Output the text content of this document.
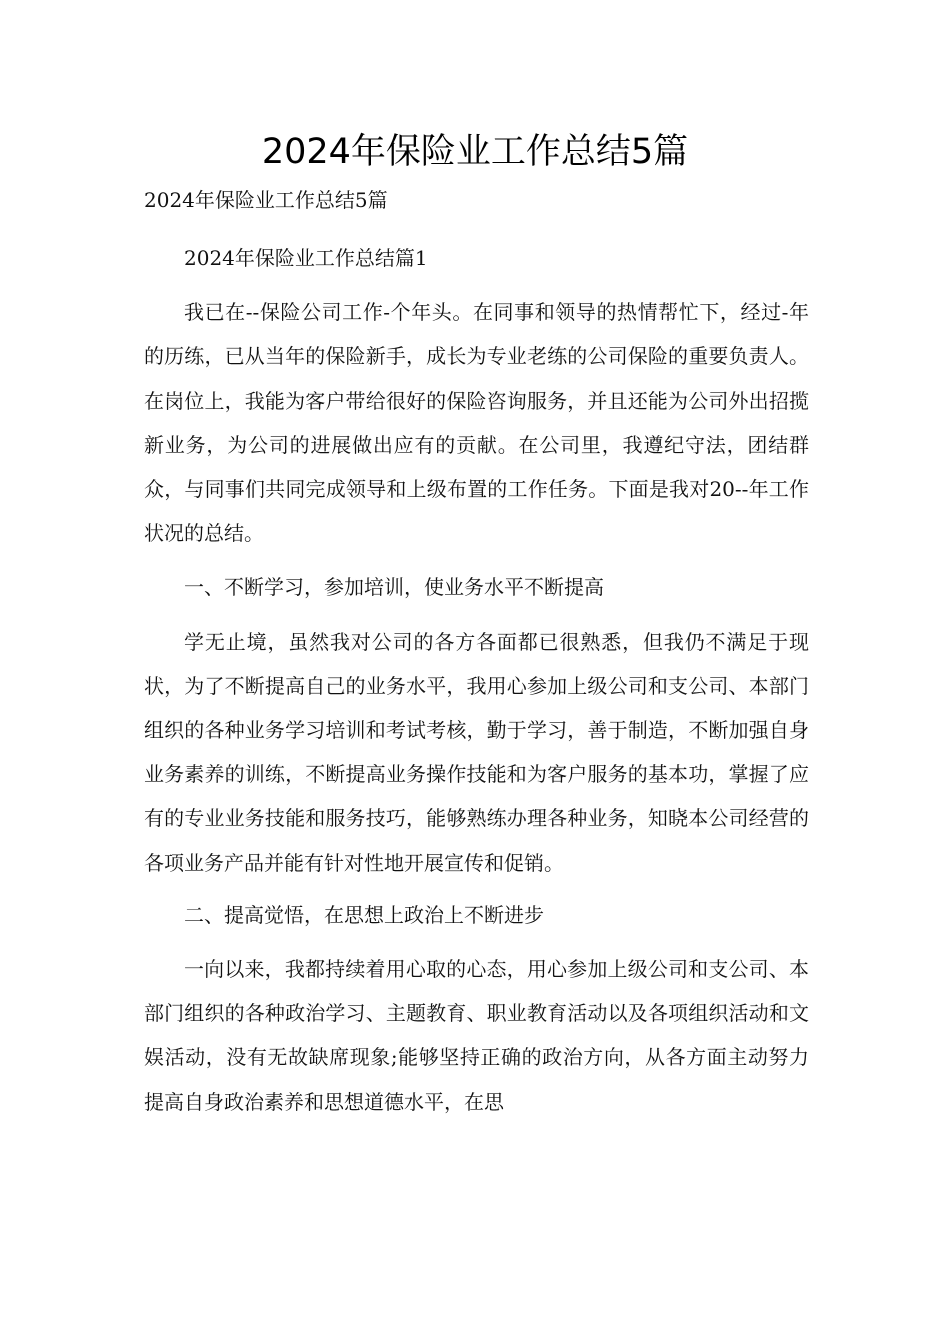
2024年保险业工作总结5篇

2024年保险业工作总结5篇

2024年保险业工作总结篇1

我已在--保险公司工作-个年头。在同事和领导的热情帮忙下，经过-年的历练，已从当年的保险新手，成长为专业老练的公司保险的重要负责人。在岗位上，我能为客户带给很好的保险咨询服务，并且还能为公司外出招揽新业务，为公司的进展做出应有的贡献。在公司里，我遵纪守法，团结群众，与同事们共同完成领导和上级布置的工作任务。下面是我对20--年工作状况的总结。

一、不断学习，参加培训，使业务水平不断提高

学无止境，虽然我对公司的各方各面都已很熟悉，但我仍不满足于现状，为了不断提高自己的业务水平，我用心参加上级公司和支公司、本部门组织的各种业务学习培训和考试考核，勤于学习，善于制造，不断加强自身业务素养的训练，不断提高业务操作技能和为客户服务的基本功，掌握了应有的专业业务技能和服务技巧，能够熟练办理各种业务，知晓本公司经营的各项业务产品并能有针对性地开展宣传和促销。

二、提高觉悟，在思想上政治上不断进步

一向以来，我都持续着用心取的心态，用心参加上级公司和支公司、本部门组织的各种政治学习、主题教育、职业教育活动以及各项组织活动和文娱活动，没有无故缺席现象;能够坚持正确的政治方向，从各方面主动努力提高自身政治素养和思想道德水平，在思
